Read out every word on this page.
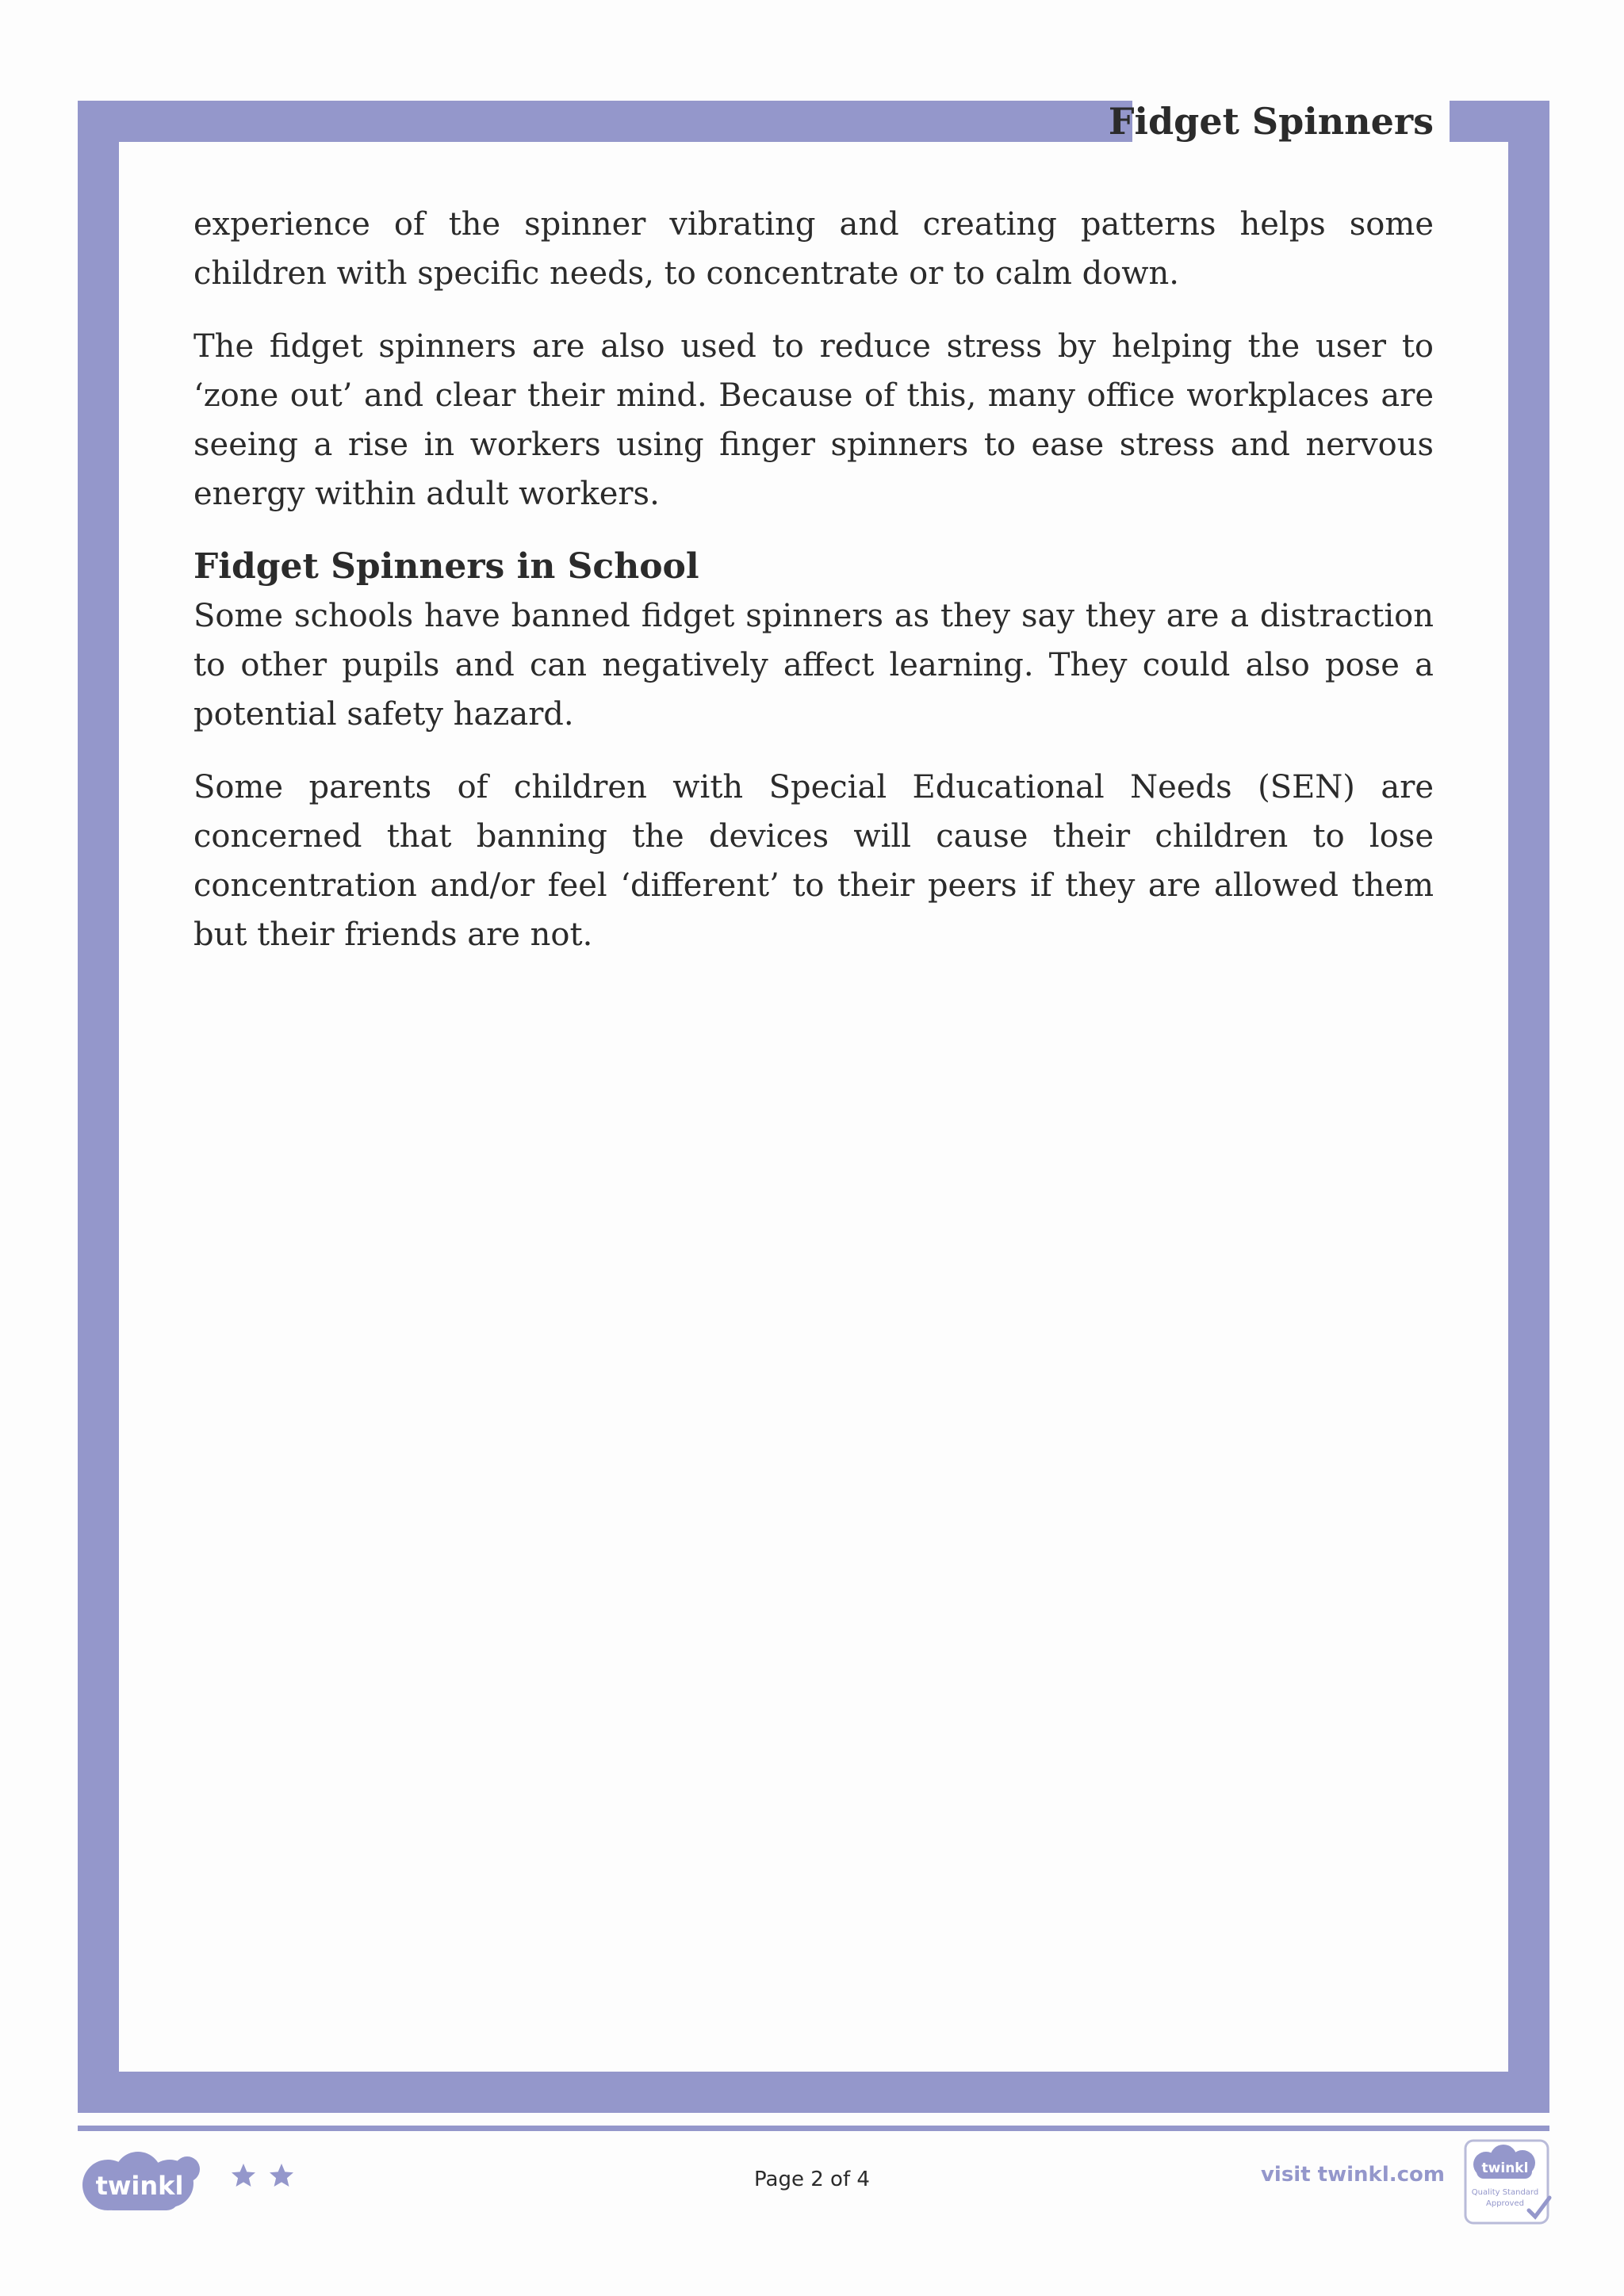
Fidget Spinners

experience of the spinner vibrating and creating patterns helps some children with specific needs, to concentrate or to calm down.

The fidget spinners are also used to reduce stress by helping the user to ‘zone out’ and clear their mind. Because of this, many office workplaces are seeing a rise in workers using finger spinners to ease stress and nervous energy within adult workers.

Fidget Spinners in School

Some schools have banned fidget spinners as they say they are a distraction to other pupils and can negatively affect learning. They could also pose a potential safety hazard.

Some parents of children with Special Educational Needs (SEN) are concerned that banning the devices will cause their children to lose concentration and/or feel ‘different’ to their peers if they are allowed them but their friends are not.

twinkl	Page 2 of 4	visit twinkl.com	twinkl
Quality Standard
Approved
